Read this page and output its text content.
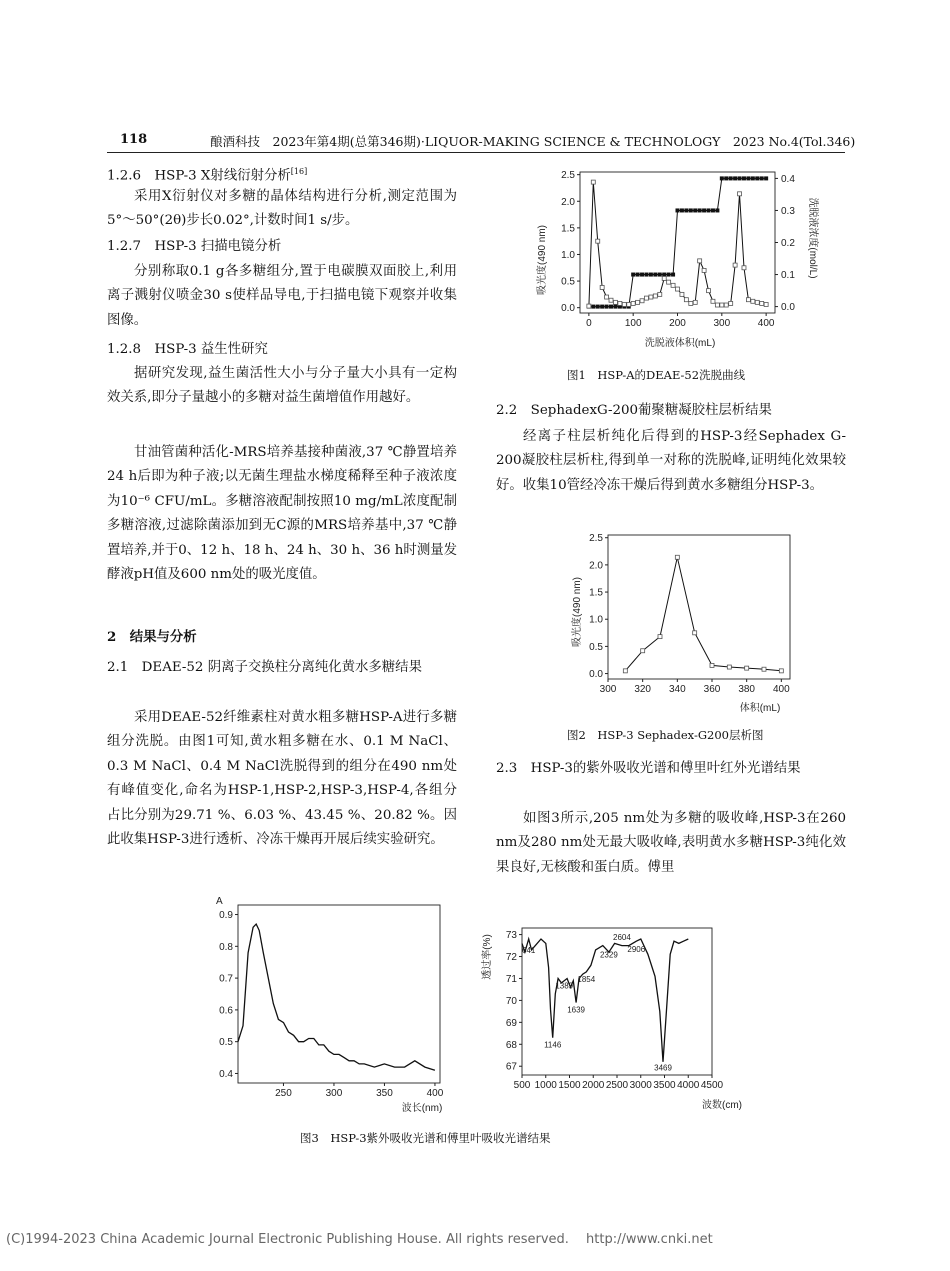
118	酿酒科技　2023年第4期(总第346期)·LIQUOR-MAKING SCIENCE & TECHNOLOGY　2023 No.4(Tol.346)
1.2.6　HSP-3 X射线衍射分析[16]
采用X衍射仪对多糖的晶体结构进行分析,测定范围为5°～50°(2θ)步长0.02°,计数时间1 s/步。
1.2.7　HSP-3 扫描电镜分析
分别称取0.1 g各多糖组分,置于电碳膜双面胶上,利用离子溅射仪喷金30 s使样品导电,于扫描电镜下观察并收集图像。
1.2.8　HSP-3 益生性研究
据研究发现,益生菌活性大小与分子量大小具有一定构效关系,即分子量越小的多糖对益生菌增值作用越好。
甘油管菌种活化-MRS培养基接种菌液,37 ℃静置培养24 h后即为种子液;以无菌生理盐水梯度稀释至种子液浓度为10⁻⁶ CFU/mL。多糖溶液配制按照10 mg/mL浓度配制多糖溶液,过滤除菌添加到无C源的MRS培养基中,37 ℃静置培养,并于0、12 h、18 h、24 h、30 h、36 h时测量发酵液pH值及600 nm处的吸光度值。
2　结果与分析
2.1　DEAE-52 阴离子交换柱分离纯化黄水多糖结果
采用DEAE-52纤维素柱对黄水粗多糖HSP-A进行多糖组分洗脱。由图1可知,黄水粗多糖在水、0.1 M NaCl、0.3 M NaCl、0.4 M NaCl洗脱得到的组分在490 nm处有峰值变化,命名为HSP-1,HSP-2,HSP-3,HSP-4,各组分占比分别为29.71 %、6.03 %、43.45 %、20.82 %。因此收集HSP-3进行透析、冷冻干燥再开展后续实验研究。
0	100	200	300	400
0.0
0.5
1.0
1.5
2.0
2.5
0.0
0.1
0.2
0.3
0.4
吸光度(490 nm)	洗脱液浓度(mol/L)
洗脱液体积(mL)
图1　HSP-A的DEAE-52洗脱曲线
2.2　SephadexG-200葡聚糖凝胶柱层析结果
经离子柱层析纯化后得到的HSP-3经Sephadex G-200凝胶柱层析柱,得到单一对称的洗脱峰,证明纯化效果较好。收集10管经冷冻干燥后得到黄水多糖组分HSP-3。
300 320 340 360 380 400
0.0
0.5
1.0
1.5
2.0
2.5
吸光度(490 nm)
体积(mL)
图2　HSP-3 Sephadex-G200层析图
2.3　HSP-3的紫外吸收光谱和傅里叶红外光谱结果
如图3所示,205 nm处为多糖的吸收峰,HSP-3在260 nm及280 nm处无最大吸收峰,表明黄水多糖HSP-3纯化效果良好,无核酸和蛋白质。傅里
250	300	350	400
0.4
0.5
0.6
0.7
0.8
0.9
A
波长(nm)
500 1000 1500 2000 2500 3000 3500 4000 4500
67
68
69
70
71
72
73
641
1146
1389
1639
1854
2329
2604
2906
3469
透过率(%)
波数(cm)
图3　HSP-3紫外吸收光谱和傅里叶吸收光谱结果
(C)1994-2023 China Academic Journal Electronic Publishing House. All rights reserved.　 http://www.cnki.net
